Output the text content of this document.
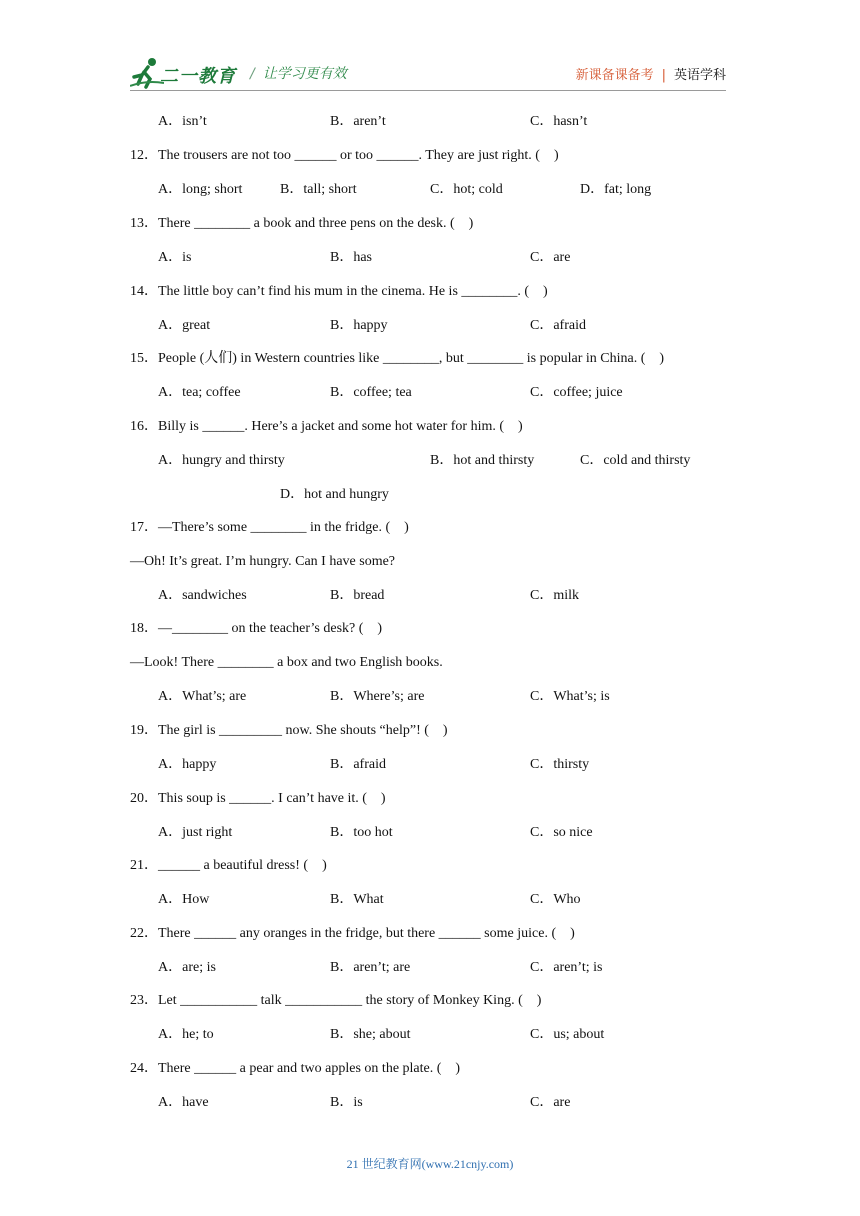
二一教育 / 让学习更有效	新课备课备考 | 英语学科
A．isn’t	B．aren’t	C．hasn’t
12．The trousers are not too ______ or too ______. They are just right. (　)
A．long; short	B．tall; short	C．hot; cold	D．fat; long
13．There ________ a book and three pens on the desk. (　)
A．is	B．has	C．are
14．The little boy can’t find his mum in the cinema. He is ________. (　)
A．great	B．happy	C．afraid
15．People (人们) in Western countries like ________, but ________ is popular in China. (　)
A．tea; coffee	B．coffee; tea	C．coffee; juice
16．Billy is ______. Here’s a jacket and some hot water for him. (　)
A．hungry and thirsty	B．hot and thirsty	C．cold and thirsty
D．hot and hungry
17．—There’s some ________ in the fridge. (　)
—Oh! It’s great. I’m hungry. Can I have some?
A．sandwiches	B．bread	C．milk
18．—________ on the teacher’s desk? (　)
—Look! There ________ a box and two English books.
A．What’s; are	B．Where’s; are	C．What’s; is
19．The girl is _________ now. She shouts “help”! (　)
A．happy	B．afraid	C．thirsty
20．This soup is ______. I can’t have it. (　)
A．just right	B．too hot	C．so nice
21．______ a beautiful dress! (　)
A．How	B．What	C．Who
22．There ______ any oranges in the fridge, but there ______ some juice. (　)
A．are; is	B．aren’t; are	C．aren’t; is
23．Let ___________ talk ___________ the story of Monkey King. (　)
A．he; to	B．she; about	C．us; about
24．There ______ a pear and two apples on the plate. (　)
A．have	B．is	C．are
21 世纪教育网(www.21cnjy.com)
